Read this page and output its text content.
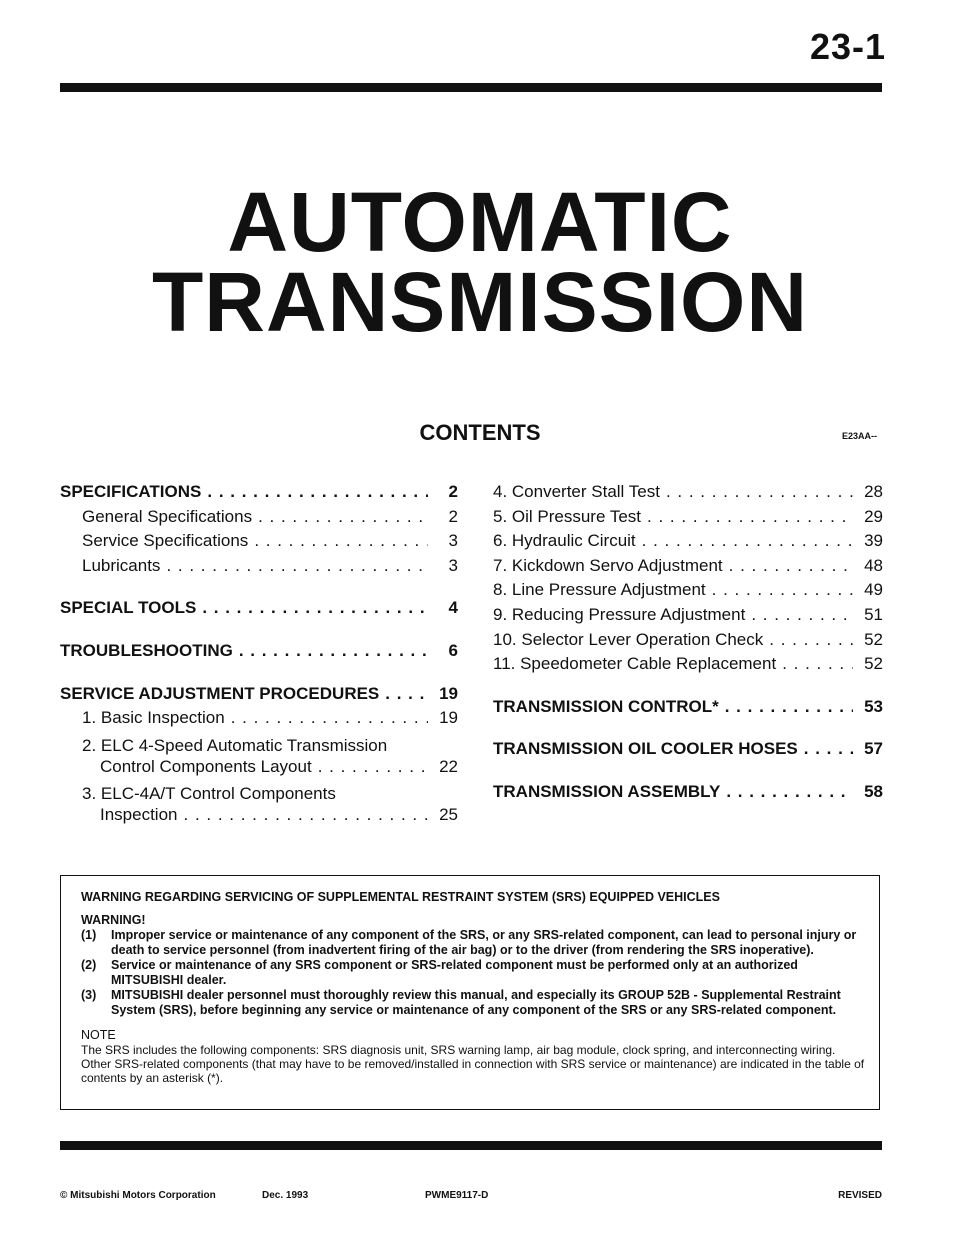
23-1
AUTOMATIC
TRANSMISSION
CONTENTS	E23AA--
SPECIFICATIONS . . .	2
General Specifications . . .	2
Service Specifications . . .	3
Lubricants . . .	3
SPECIAL TOOLS . . .	4
TROUBLESHOOTING . . .	6
SERVICE ADJUSTMENT PROCEDURES . . .	19
1. Basic Inspection . . .	19
2. ELC 4-Speed Automatic Transmission
Control Components Layout . . .	22
3. ELC-4A/T Control Components
Inspection . . .	25
4. Converter Stall Test . . .	28
5. Oil Pressure Test . . .	29
6. Hydraulic Circuit . . .	39
7. Kickdown Servo Adjustment . . .	48
8. Line Pressure Adjustment . . .	49
9. Reducing Pressure Adjustment . . .	51
10. Selector Lever Operation Check . . .	52
11. Speedometer Cable Replacement . . .	52
TRANSMISSION CONTROL* . . .	53
TRANSMISSION OIL COOLER HOSES . . .	57
TRANSMISSION ASSEMBLY . . .	58
WARNING REGARDING SERVICING OF SUPPLEMENTAL RESTRAINT SYSTEM (SRS) EQUIPPED VEHICLES
WARNING!
(1)	Improper service or maintenance of any component of the SRS, or any SRS-related component, can lead to personal injury or death to service personnel (from inadvertent firing of the air bag) or to the driver (from rendering the SRS inoperative).
(2)	Service or maintenance of any SRS component or SRS-related component must be performed only at an authorized MITSUBISHI dealer.
(3)	MITSUBISHI dealer personnel must thoroughly review this manual, and especially its GROUP 52B - Supplemental Restraint System (SRS), before beginning any service or maintenance of any component of the SRS or any SRS-related component.
NOTE
The SRS includes the following components: SRS diagnosis unit, SRS warning lamp, air bag module, clock spring, and interconnecting wiring. Other SRS-related components (that may have to be removed/installed in connection with SRS service or maintenance) are indicated in the table of contents by an asterisk (*).
© Mitsubishi Motors Corporation	Dec. 1993	PWME9117-D	REVISED
